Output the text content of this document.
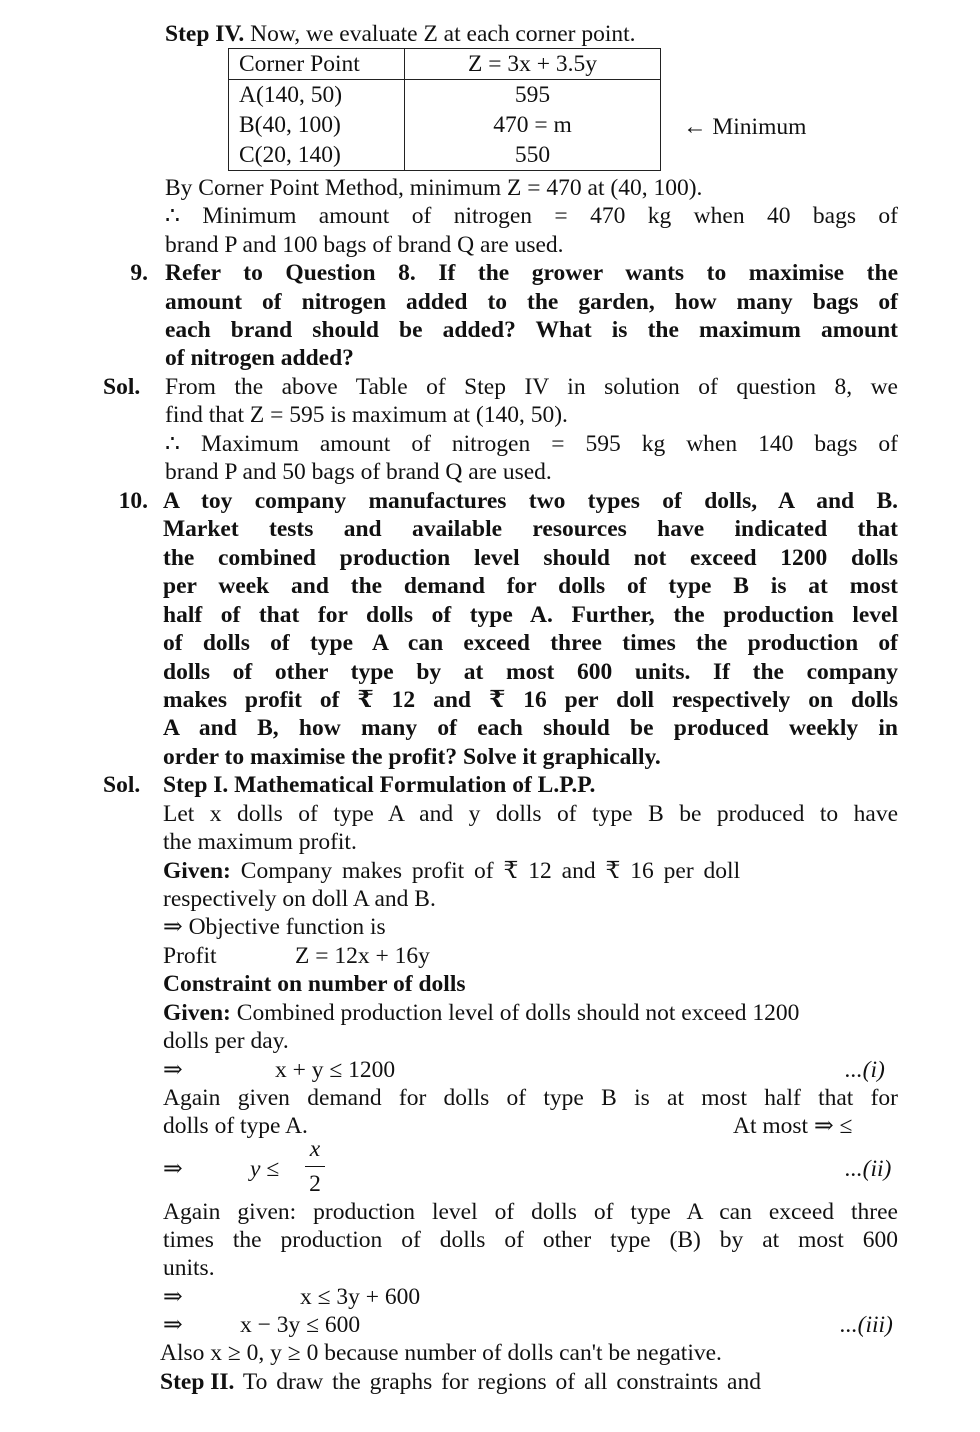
Step IV. Now, we evaluate Z at each corner point.
Corner Point	Z = 3x + 3.5y
A(140, 50)	595
B(40, 100)	470 = m
C(20, 140)	550
← Minimum
By Corner Point Method, minimum Z = 470 at (40, 100).
∴ Minimum amount of nitrogen = 470 kg when 40 bags of
brand P and 100 bags of brand Q are used.
9. Refer to Question 8. If the grower wants to maximise the
amount of nitrogen added to the garden, how many bags of
each brand should be added? What is the maximum amount
of nitrogen added?
Sol. From the above Table of Step IV in solution of question 8, we
find that Z = 595 is maximum at (140, 50).
∴ Maximum amount of nitrogen = 595 kg when 140 bags of
brand P and 50 bags of brand Q are used.
10. A toy company manufactures two types of dolls, A and B.
Market tests and available resources have indicated that
the combined production level should not exceed 1200 dolls
per week and the demand for dolls of type B is at most
half of that for dolls of type A. Further, the production level
of dolls of type A can exceed three times the production of
dolls of other type by at most 600 units. If the company
makes profit of ₹ 12 and ₹ 16 per doll respectively on dolls
A and B, how many of each should be produced weekly in
order to maximise the profit? Solve it graphically.
Sol. Step I. Mathematical Formulation of L.P.P.
Let x dolls of type A and y dolls of type B be produced to have
the maximum profit.
Given: Company makes profit of ₹ 12 and ₹ 16 per doll
respectively on doll A and B.
⇒ Objective function is
Profit	Z = 12x + 16y
Constraint on number of dolls
Given: Combined production level of dolls should not exceed 1200
dolls per day.
⇒	x + y ≤ 1200	...(i)
Again given demand for dolls of type B is at most half that for
dolls of type A.	At most ⇒ ≤
⇒	y ≤
x
2
...(ii)
Again given: production level of dolls of type A can exceed three
times the production of dolls of other type (B) by at most 600
units.
⇒	x ≤ 3y + 600
⇒ x − 3y ≤ 600	...(iii)
Also x ≥ 0, y ≥ 0 because number of dolls can't be negative.
Step II. To draw the graphs for regions of all constraints and
